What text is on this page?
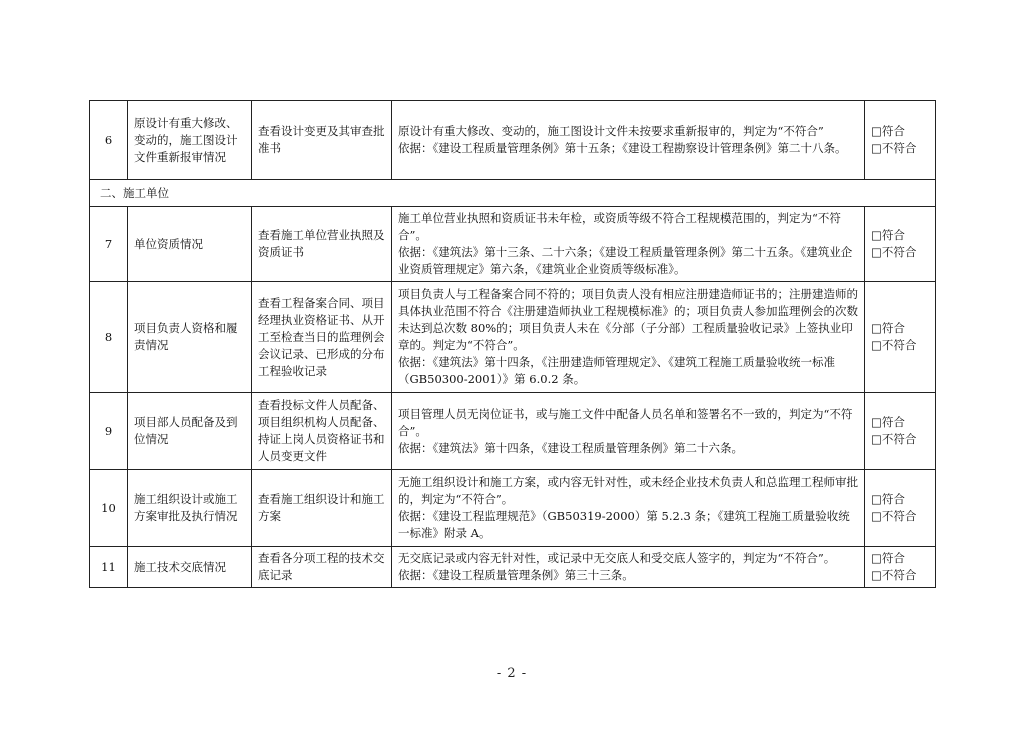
6	原设计有重大修改、变动的，施工图设计文件重新报审情况	查看设计变更及其审查批准书	原设计有重大修改、变动的，施工图设计文件未按要求重新报审的，判定为“不符合”
依据：《建设工程质量管理条例》第十五条；《建设工程勘察设计管理条例》第二十八条。	□符合
□不符合

二、施工单位				
7	单位资质情况	查看施工单位营业执照及资质证书	施工单位营业执照和资质证书未年检，或资质等级不符合工程规模范围的，判定为“不符合”。
依据：《建筑法》第十三条、二十六条；《建设工程质量管理条例》第二十五条。《建筑业企业资质管理规定》第六条，《建筑业企业资质等级标准》。	□符合
□不符合

8	项目负责人资格和履责情况	查看工程备案合同、项目经理执业资格证书、从开工至检查当日的监理例会会议记录、已形成的分布工程验收记录	项目负责人与工程备案合同不符的；项目负责人没有相应注册建造师证书的；注册建造师的具体执业范围不符合《注册建造师执业工程规模标准》的；项目负责人参加监理例会的次数未达到总次数 80%的；项目负责人未在《分部（子分部）工程质量验收记录》上签执业印章的。判定为“不符合”。
依据：《建筑法》第十四条，《注册建造师管理规定》、《建筑工程施工质量验收统一标准（GB50300-2001）》第 6.0.2 条。	□符合
□不符合

9	项目部人员配备及到位情况	查看投标文件人员配备、项目组织机构人员配备、持证上岗人员资格证书和人员变更文件	项目管理人员无岗位证书，或与施工文件中配备人员名单和签署名不一致的，判定为“不符合”。
依据：《建筑法》第十四条，《建设工程质量管理条例》第二十六条。	□符合
□不符合

10	施工组织设计或施工方案审批及执行情况	查看施工组织设计和施工方案	无施工组织设计和施工方案，或内容无针对性，或未经企业技术负责人和总监理工程师审批的，判定为“不符合”。
依据：《建设工程监理规范》（GB50319-2000）第 5.2.3 条；《建筑工程施工质量验收统一标准》附录 A。	□符合
□不符合

11	施工技术交底情况	查看各分项工程的技术交底记录	无交底记录或内容无针对性，或记录中无交底人和受交底人签字的，判定为“不符合”。
依据：《建设工程质量管理条例》第三十三条。	□符合
□不符合
- 2 -
